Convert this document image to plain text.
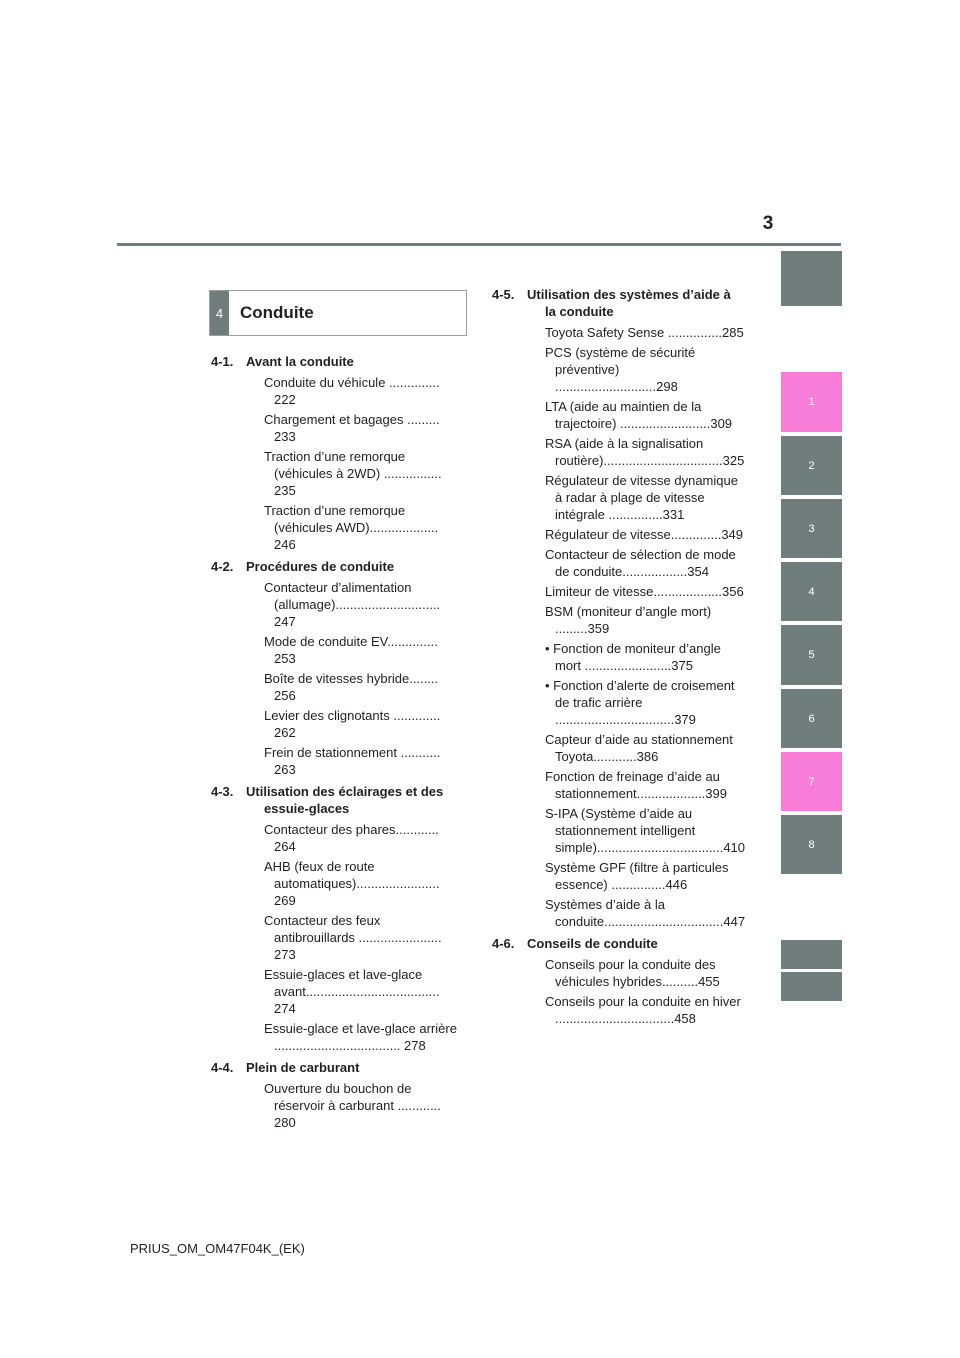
3
1
2
3
4
5
6
7
8
4 Conduite
4-1. Avant la conduite
Conduite du véhicule .............. 222
Chargement et bagages ......... 233
Traction d’une remorque (véhicules à 2WD) ................ 235
Traction d’une remorque (véhicules AWD)................... 246
4-2. Procédures de conduite
Contacteur d’alimentation (allumage)............................. 247
Mode de conduite EV.............. 253
Boîte de vitesses hybride........ 256
Levier des clignotants ............. 262
Frein de stationnement ........... 263
4-3. Utilisation des éclairages et des essuie-glaces
Contacteur des phares............ 264
AHB (feux de route automatiques)....................... 269
Contacteur des feux antibrouillards ....................... 273
Essuie-glaces et lave-glace avant..................................... 274
Essuie-glace et lave-glace arrière ................................... 278
4-4. Plein de carburant
Ouverture du bouchon de réservoir à carburant ............ 280
4-5. Utilisation des systèmes d’aide à la conduite
Toyota Safety Sense ...............285
PCS (système de sécurité préventive) ............................298
LTA (aide au maintien de la trajectoire) .........................309
RSA (aide à la signalisation routière).................................325
Régulateur de vitesse dynamique à radar à plage de vitesse intégrale ...............331
Régulateur de vitesse..............349
Contacteur de sélection de mode de conduite..................354
Limiteur de vitesse...................356
BSM (moniteur d’angle mort) .........359
• Fonction de moniteur d’angle mort ........................375
• Fonction d’alerte de croisement de trafic arrière .................................379
Capteur d’aide au stationnement Toyota............386
Fonction de freinage d’aide au stationnement...................399
S-IPA (Système d’aide au stationnement intelligent simple)...................................410
Système GPF (filtre à particules essence) ...............446
Systèmes d’aide à la conduite.................................447
4-6. Conseils de conduite
Conseils pour la conduite des véhicules hybrides..........455
Conseils pour la conduite en hiver .................................458
PRIUS_OM_OM47F04K_(EK)
